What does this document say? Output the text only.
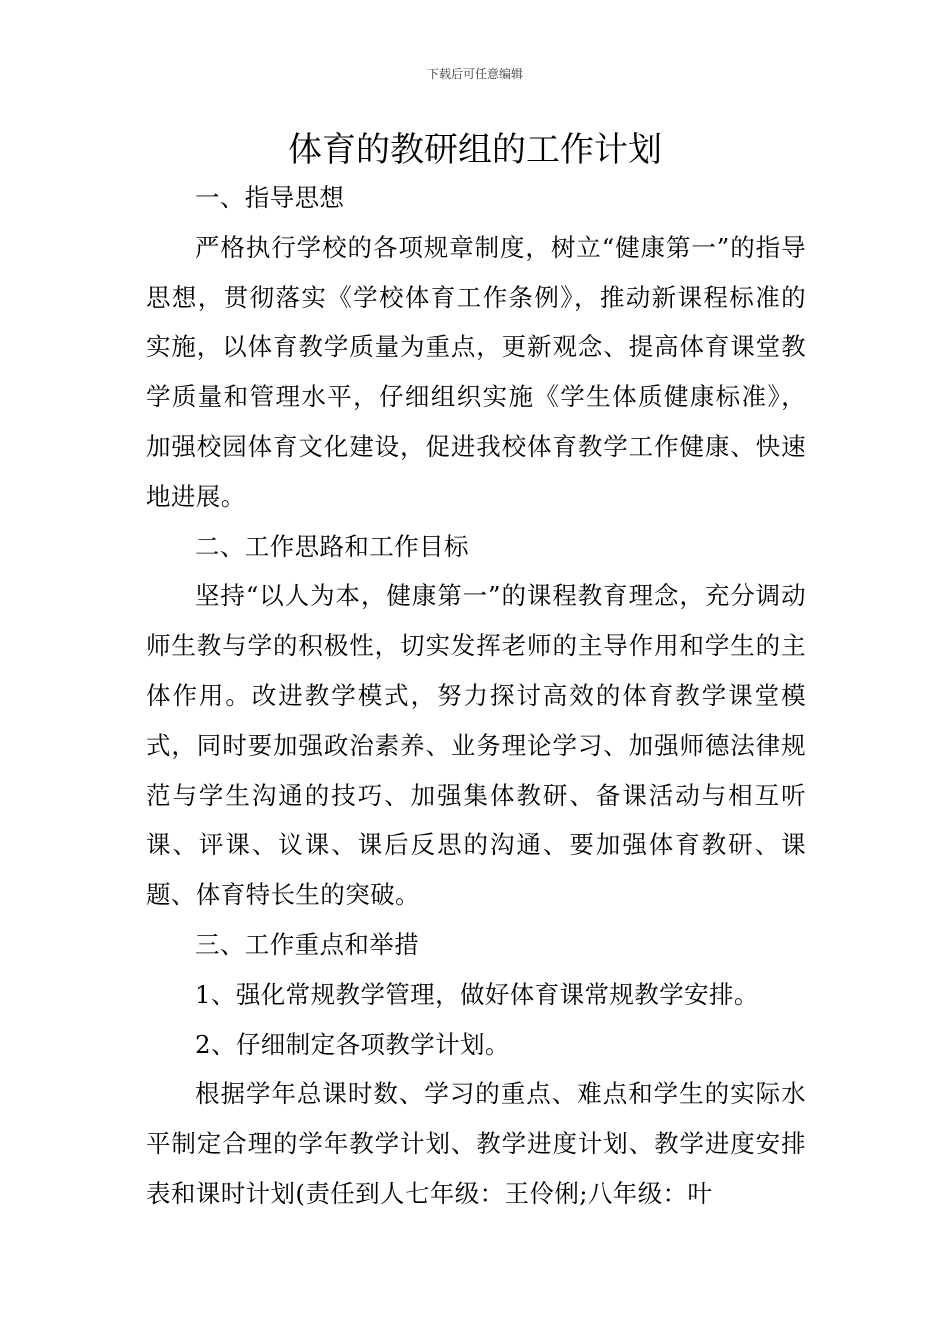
下载后可任意编辑
体育的教研组的工作计划

一、指导思想

严格执行学校的各项规章制度，树立“健康第一”的指导思想，贯彻落实《学校体育工作条例》，推动新课程标准的实施，以体育教学质量为重点，更新观念、提高体育课堂教学质量和管理水平，仔细组织实施《学生体质健康标准》，加强校园体育文化建设，促进我校体育教学工作健康、快速地进展。

二、工作思路和工作目标

坚持“以人为本，健康第一”的课程教育理念，充分调动师生教与学的积极性，切实发挥老师的主导作用和学生的主体作用。改进教学模式，努力探讨高效的体育教学课堂模式，同时要加强政治素养、业务理论学习、加强师德法律规范与学生沟通的技巧、加强集体教研、备课活动与相互听课、评课、议课、课后反思的沟通、要加强体育教研、课题、体育特长生的突破。

三、工作重点和举措

1、强化常规教学管理，做好体育课常规教学安排。

2、仔细制定各项教学计划。

根据学年总课时数、学习的重点、难点和学生的实际水平制定合理的学年教学计划、教学进度计划、教学进度安排表和课时计划(责任到人七年级：王伶俐;八年级：叶
